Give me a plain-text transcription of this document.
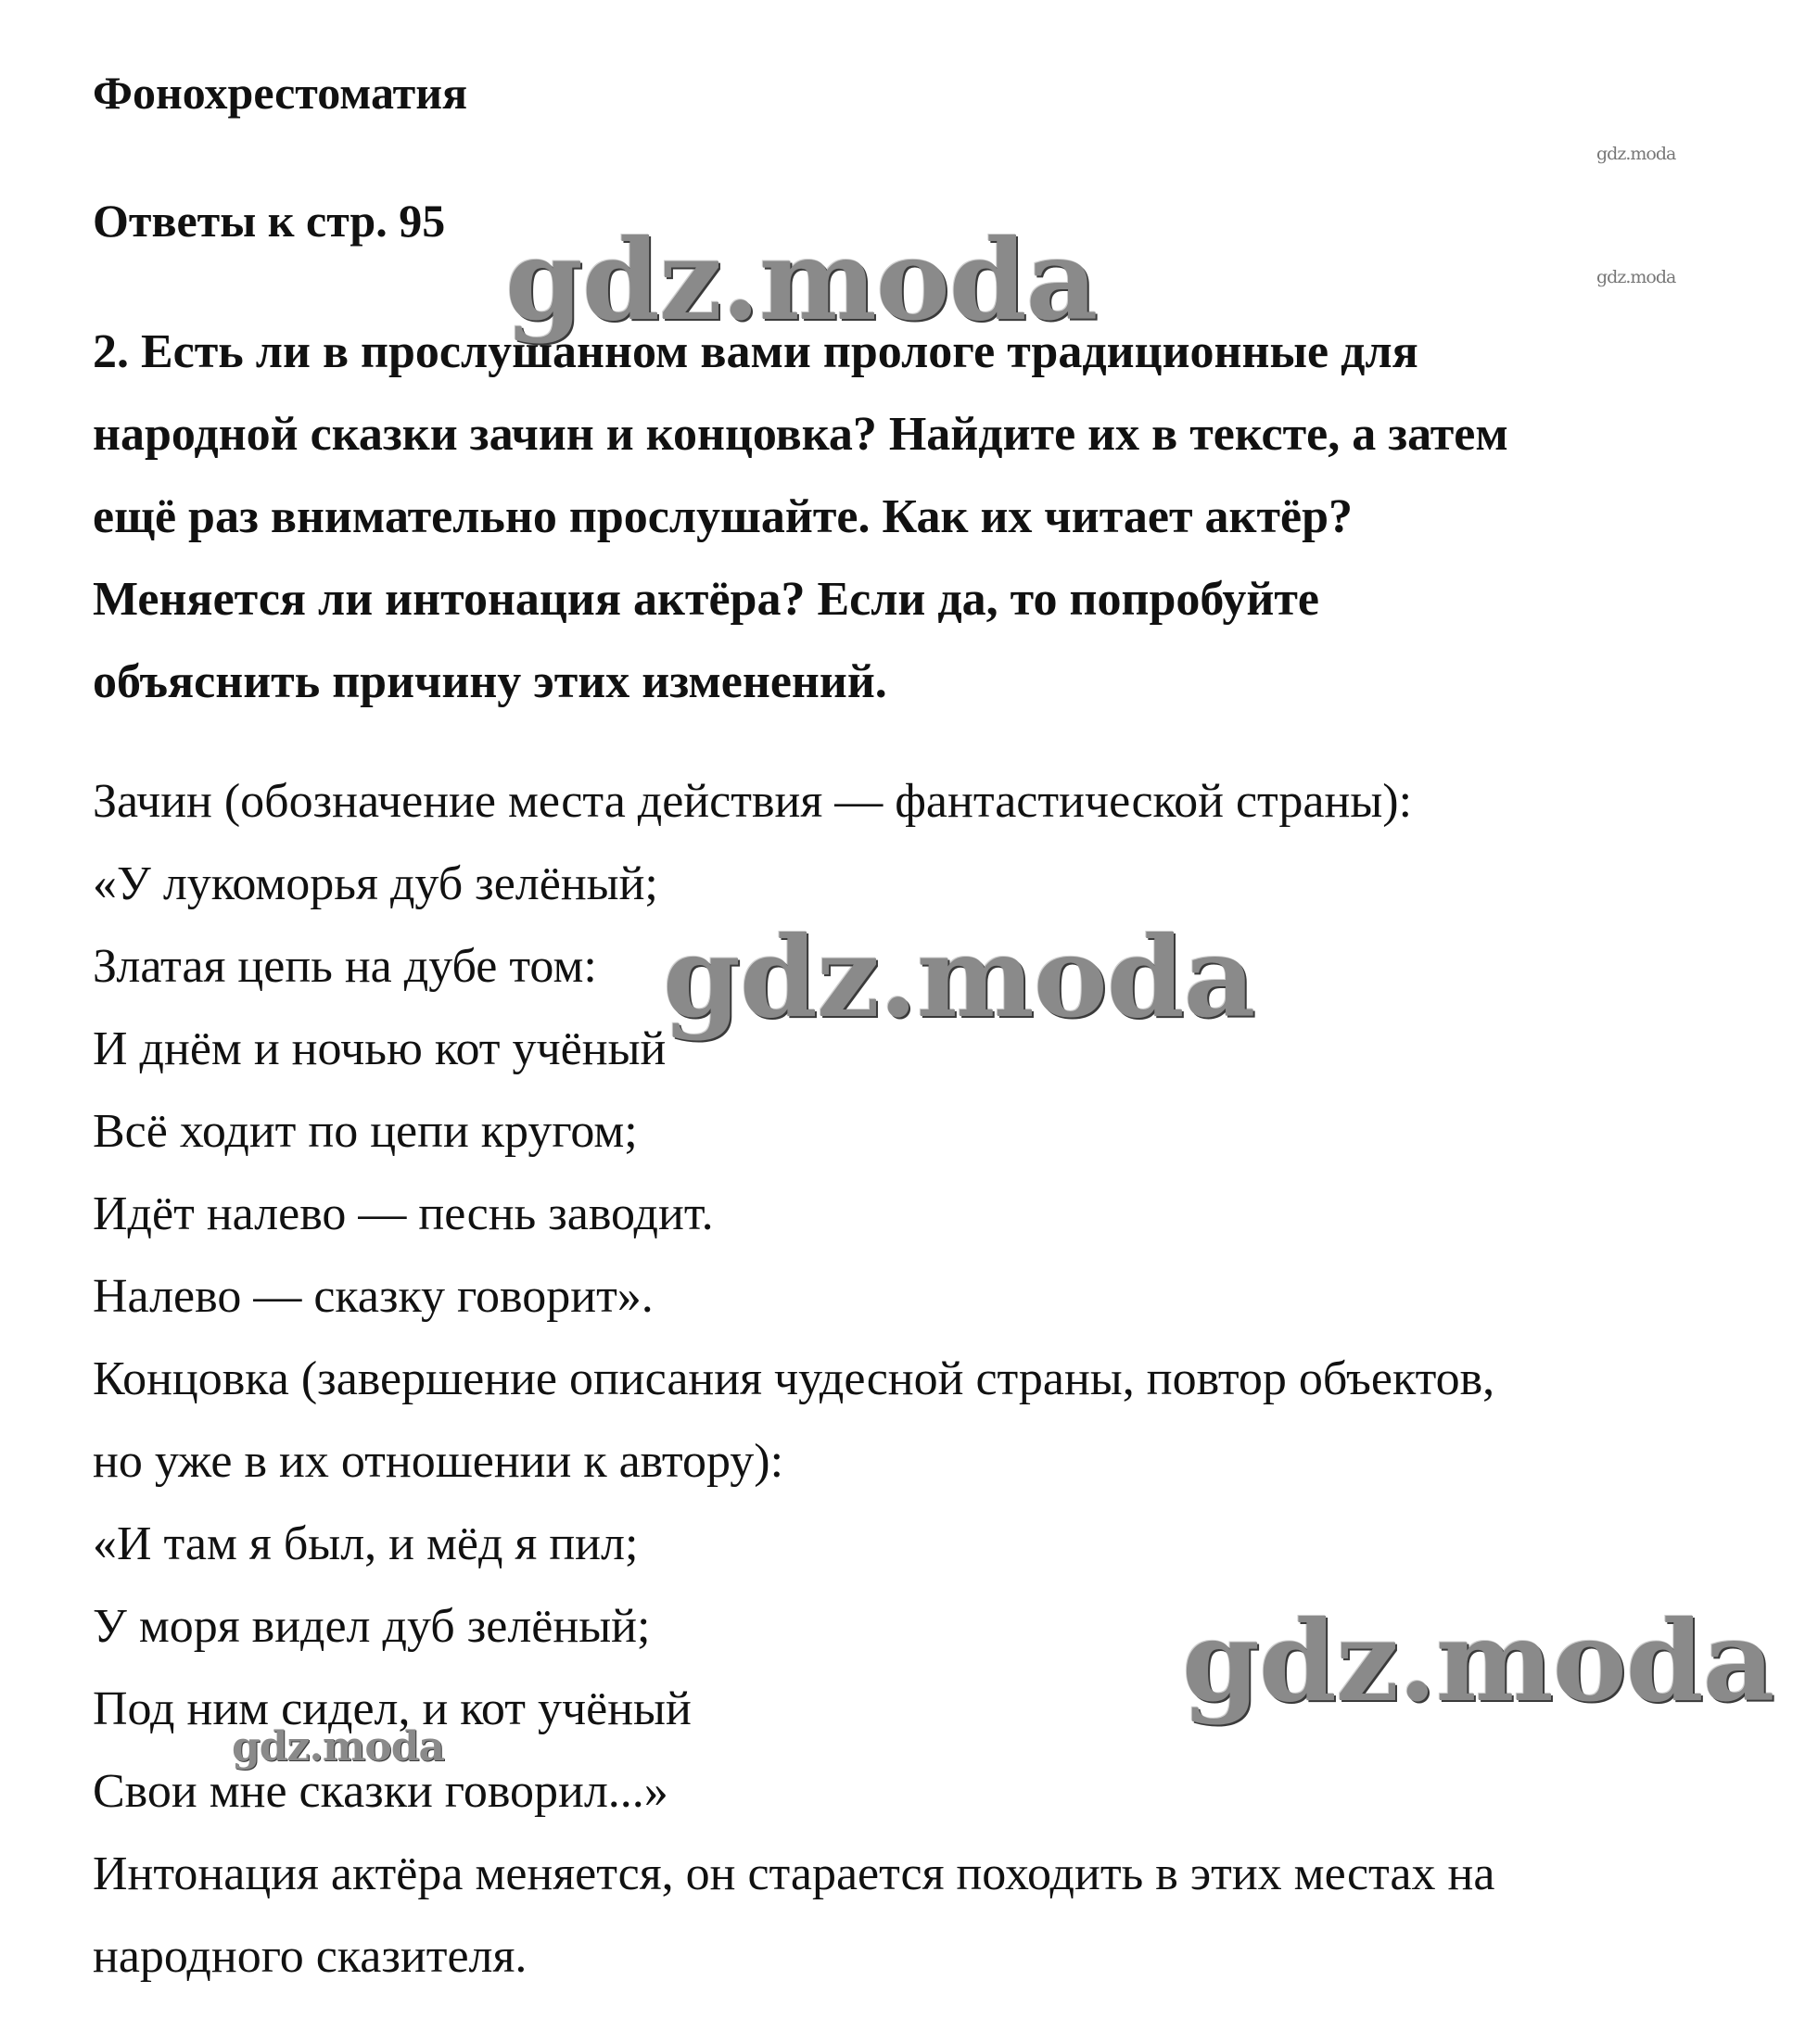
Фонохрестоматия
Ответы к стр. 95
2. Есть ли в прослушанном вами прологе традиционные для
народной сказки зачин и концовка? Найдите их в тексте, а затем
ещё раз внимательно прослушайте. Как их читает актёр?
Меняется ли интонация актёра? Если да, то попробуйте
объяснить причину этих изменений.
Зачин (обозначение места действия — фантастической страны):
«У лукоморья дуб зелёный;
Златая цепь на дубе том:
И днём и ночью кот учёный
Всё ходит по цепи кругом;
Идёт налево — песнь заводит.
Налево — сказку говорит».
Концовка (завершение описания чудесной страны, повтор объектов,
но уже в их отношении к автору):
«И там я был, и мёд я пил;
У моря видел дуб зелёный;
Под ним сидел, и кот учёный
Свои мне сказки говорил...»
Интонация актёра меняется, он старается походить в этих местах на
народного сказителя.
gdz.moda
gdz.moda
gdz.moda
gdz.moda
gdz.moda
gdz.moda
